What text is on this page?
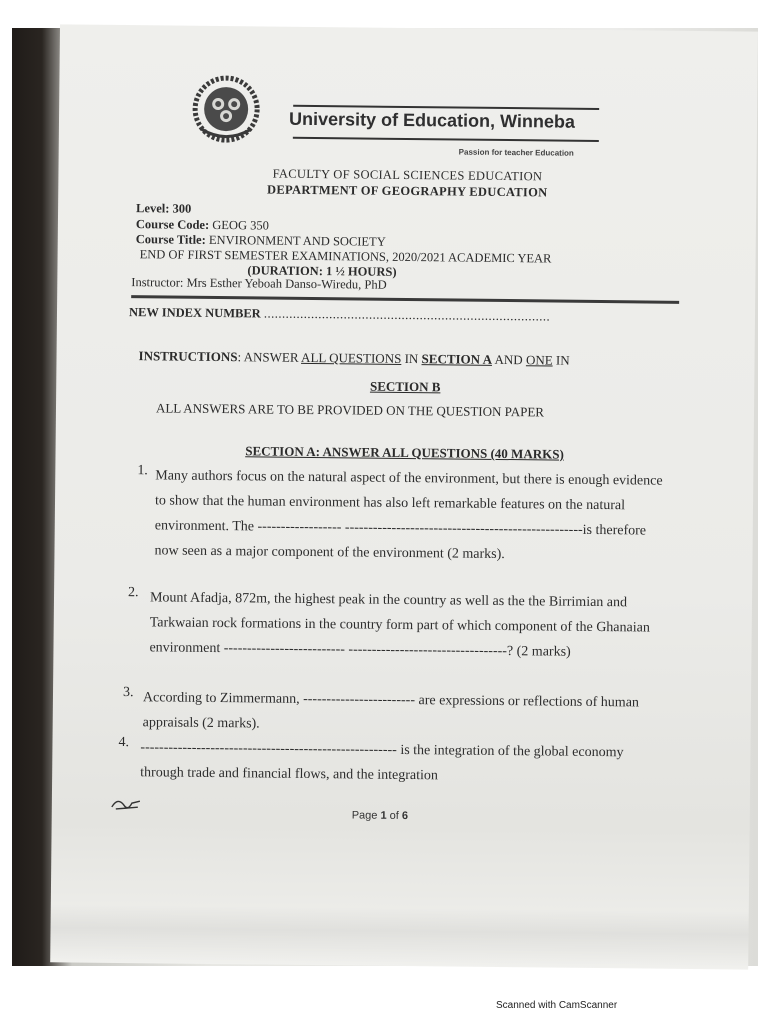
University of Education, Winneba
Passion for teacher Education
FACULTY OF SOCIAL SCIENCES EDUCATION
DEPARTMENT OF GEOGRAPHY EDUCATION
Level: 300
Course Code: GEOG 350
Course Title: ENVIRONMENT AND SOCIETY
END OF FIRST SEMESTER EXAMINATIONS, 2020/2021 ACADEMIC YEAR
(DURATION: 1 ½ HOURS)
Instructor: Mrs Esther Yeboah Danso-Wiredu, PhD
NEW INDEX NUMBER ...............................................................................
INSTRUCTIONS: ANSWER ALL QUESTIONS IN SECTION A AND ONE IN
SECTION B
ALL ANSWERS ARE TO BE PROVIDED ON THE QUESTION PAPER
SECTION A: ANSWER ALL QUESTIONS (40 MARKS)
1. Many authors focus on the natural aspect of the environment, but there is enough evidence to show that the human environment has also left remarkable features on the natural environment. The ------------------ ---------------------------------------------------is therefore now seen as a major component of the environment (2 marks).
2. Mount Afadja, 872m, the highest peak in the country as well as the the Birrimian and Tarkwaian rock formations in the country form part of which component of the Ghanaian environment -------------------------- ----------------------------------? (2 marks)
3. According to Zimmermann, ------------------------ are expressions or reflections of human appraisals (2 marks).
4. ------------------------------------------------------- is the integration of the global economy through trade and financial flows, and the integration
Page 1 of 6
Scanned with CamScanner
